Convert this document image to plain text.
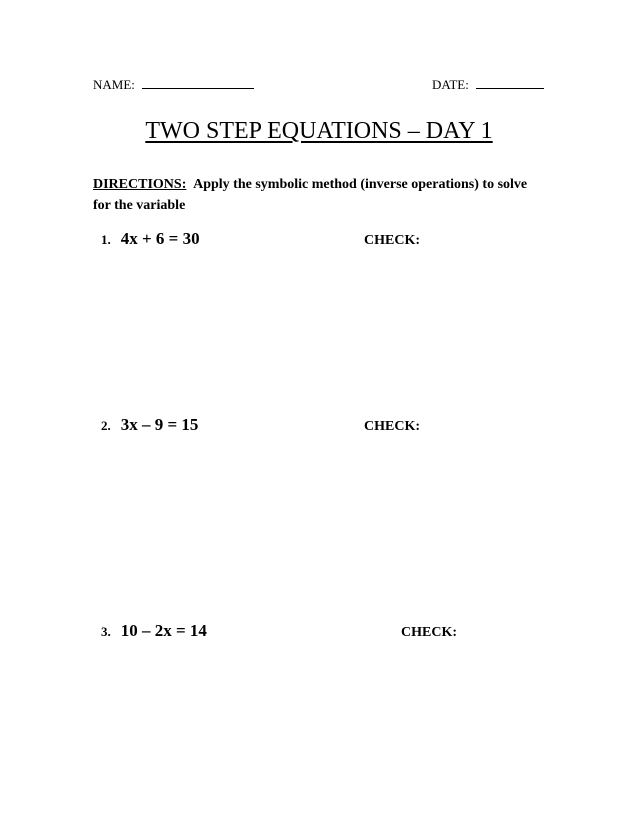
NAME:	DATE:
TWO STEP EQUATIONS – DAY 1
DIRECTIONS: Apply the symbolic method (inverse operations) to solve for the variable
1. 4x + 6 = 30	CHECK:
2. 3x – 9 = 15	CHECK:
3. 10 – 2x = 14	CHECK:
